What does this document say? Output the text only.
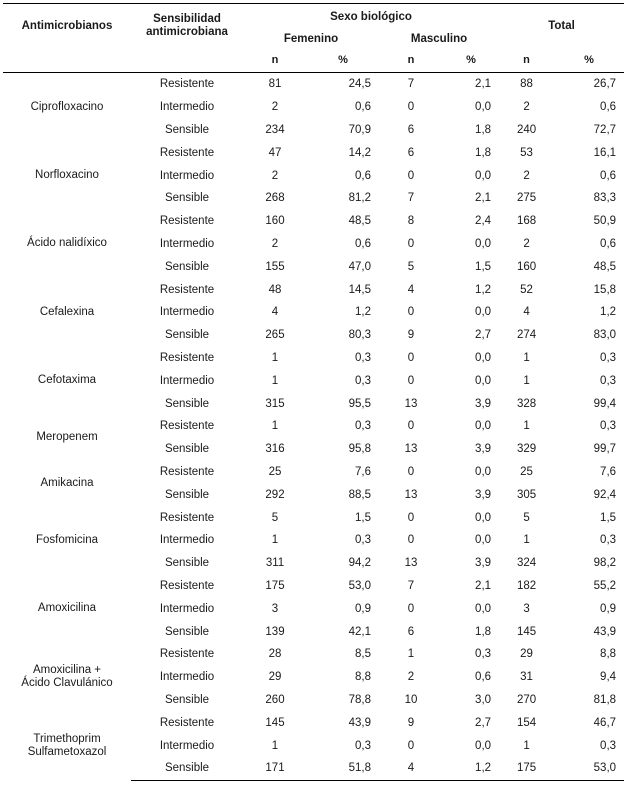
Antimicrobianos	Sensibilidad antimicrobiana	Sexo biológico				Total	
		Femenino		Masculino			
		n	%	n	%	n	%
Ciprofloxacino	Resistente	81	24,5	7	2,1	88	26,7
	Intermedio	2	0,6	0	0,0	2	0,6
	Sensible	234	70,9	6	1,8	240	72,7
Norfloxacino	Resistente	47	14,2	6	1,8	53	16,1
	Intermedio	2	0,6	0	0,0	2	0,6
	Sensible	268	81,2	7	2,1	275	83,3
Ácido nalidíxico	Resistente	160	48,5	8	2,4	168	50,9
	Intermedio	2	0,6	0	0,0	2	0,6
	Sensible	155	47,0	5	1,5	160	48,5
Cefalexina	Resistente	48	14,5	4	1,2	52	15,8
	Intermedio	4	1,2	0	0,0	4	1,2
	Sensible	265	80,3	9	2,7	274	83,0
Cefotaxima	Resistente	1	0,3	0	0,0	1	0,3
	Intermedio	1	0,3	0	0,0	1	0,3
	Sensible	315	95,5	13	3,9	328	99,4
Meropenem	Resistente	1	0,3	0	0,0	1	0,3
	Sensible	316	95,8	13	3,9	329	99,7
Amikacina	Resistente	25	7,6	0	0,0	25	7,6
	Sensible	292	88,5	13	3,9	305	92,4
Fosfomicina	Resistente	5	1,5	0	0,0	5	1,5
	Intermedio	1	0,3	0	0,0	1	0,3
	Sensible	311	94,2	13	3,9	324	98,2
Amoxicilina	Resistente	175	53,0	7	2,1	182	55,2
	Intermedio	3	0,9	0	0,0	3	0,9
	Sensible	139	42,1	6	1,8	145	43,9
Amoxicilina + Ácido Clavulánico	Resistente	28	8,5	1	0,3	29	8,8
	Intermedio	29	8,8	2	0,6	31	9,4
	Sensible	260	78,8	10	3,0	270	81,8
Trimethoprim Sulfametoxazol	Resistente	145	43,9	9	2,7	154	46,7
	Intermedio	1	0,3	0	0,0	1	0,3
	Sensible	171	51,8	4	1,2	175	53,0
